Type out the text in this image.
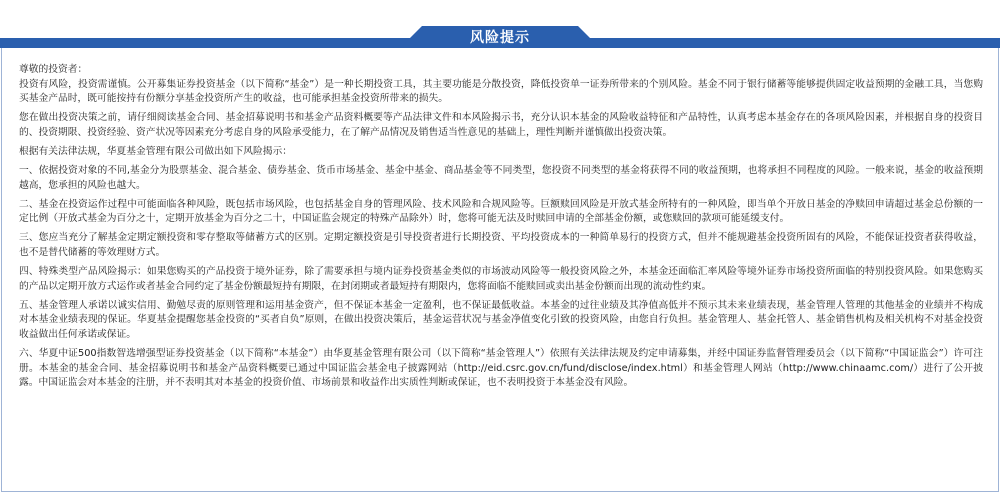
风险提示

尊敬的投资者：

投资有风险，投资需谨慎。公开募集证券投资基金（以下简称“基金”）是一种长期投资工具，其主要功能是分散投资，降低投资单一证券所带来的个别风险。基金不同于银行储蓄等能够提供固定收益预期的金融工具，当您购买基金产品时，既可能按持有份额分享基金投资所产生的收益，也可能承担基金投资所带来的损失。

您在做出投资决策之前，请仔细阅读基金合同、基金招募说明书和基金产品资料概要等产品法律文件和本风险揭示书，充分认识本基金的风险收益特征和产品特性，认真考虑本基金存在的各项风险因素，并根据自身的投资目的、投资期限、投资经验、资产状况等因素充分考虑自身的风险承受能力，在了解产品情况及销售适当性意见的基础上，理性判断并谨慎做出投资决策。

根据有关法律法规，华夏基金管理有限公司做出如下风险揭示：

一、依据投资对象的不同,基金分为股票基金、混合基金、债券基金、货币市场基金、基金中基金、商品基金等不同类型，您投资不同类型的基金将获得不同的收益预期，也将承担不同程度的风险。一般来说，基金的收益预期越高，您承担的风险也越大。

二、基金在投资运作过程中可能面临各种风险，既包括市场风险，也包括基金自身的管理风险、技术风险和合规风险等。巨额赎回风险是开放式基金所特有的一种风险，即当单个开放日基金的净赎回申请超过基金总份额的一定比例（开放式基金为百分之十，定期开放基金为百分之二十，中国证监会规定的特殊产品除外）时，您将可能无法及时赎回申请的全部基金份额，或您赎回的款项可能延缓支付。

三、您应当充分了解基金定期定额投资和零存整取等储蓄方式的区别。定期定额投资是引导投资者进行长期投资、平均投资成本的一种简单易行的投资方式，但并不能规避基金投资所固有的风险，不能保证投资者获得收益，也不是替代储蓄的等效理财方式。

四、特殊类型产品风险揭示：如果您购买的产品投资于境外证券，除了需要承担与境内证券投资基金类似的市场波动风险等一般投资风险之外，本基金还面临汇率风险等境外证券市场投资所面临的特别投资风险。如果您购买的产品以定期开放方式运作或者基金合同约定了基金份额最短持有期限，在封闭期或者最短持有期限内，您将面临不能赎回或卖出基金份额而出现的流动性约束。

五、基金管理人承诺以诚实信用、勤勉尽责的原则管理和运用基金资产，但不保证本基金一定盈利，也不保证最低收益。本基金的过往业绩及其净值高低并不预示其未来业绩表现，基金管理人管理的其他基金的业绩并不构成对本基金业绩表现的保证。华夏基金提醒您基金投资的“买者自负”原则，在做出投资决策后，基金运营状况与基金净值变化引致的投资风险，由您自行负担。基金管理人、基金托管人、基金销售机构及相关机构不对基金投资收益做出任何承诺或保证。

六、华夏中证500指数智选增强型证券投资基金（以下简称“本基金”）由华夏基金管理有限公司（以下简称“基金管理人”）依照有关法律法规及约定申请募集，并经中国证券监督管理委员会（以下简称“中国证监会”）许可注册。本基金的基金合同、基金招募说明书和基金产品资料概要已通过中国证监会基金电子披露网站（http://eid.csrc.gov.cn/fund/disclose/index.html）和基金管理人网站（http://www.chinaamc.com/）进行了公开披露。中国证监会对本基金的注册，并不表明其对本基金的投资价值、市场前景和收益作出实质性判断或保证，也不表明投资于本基金没有风险。
